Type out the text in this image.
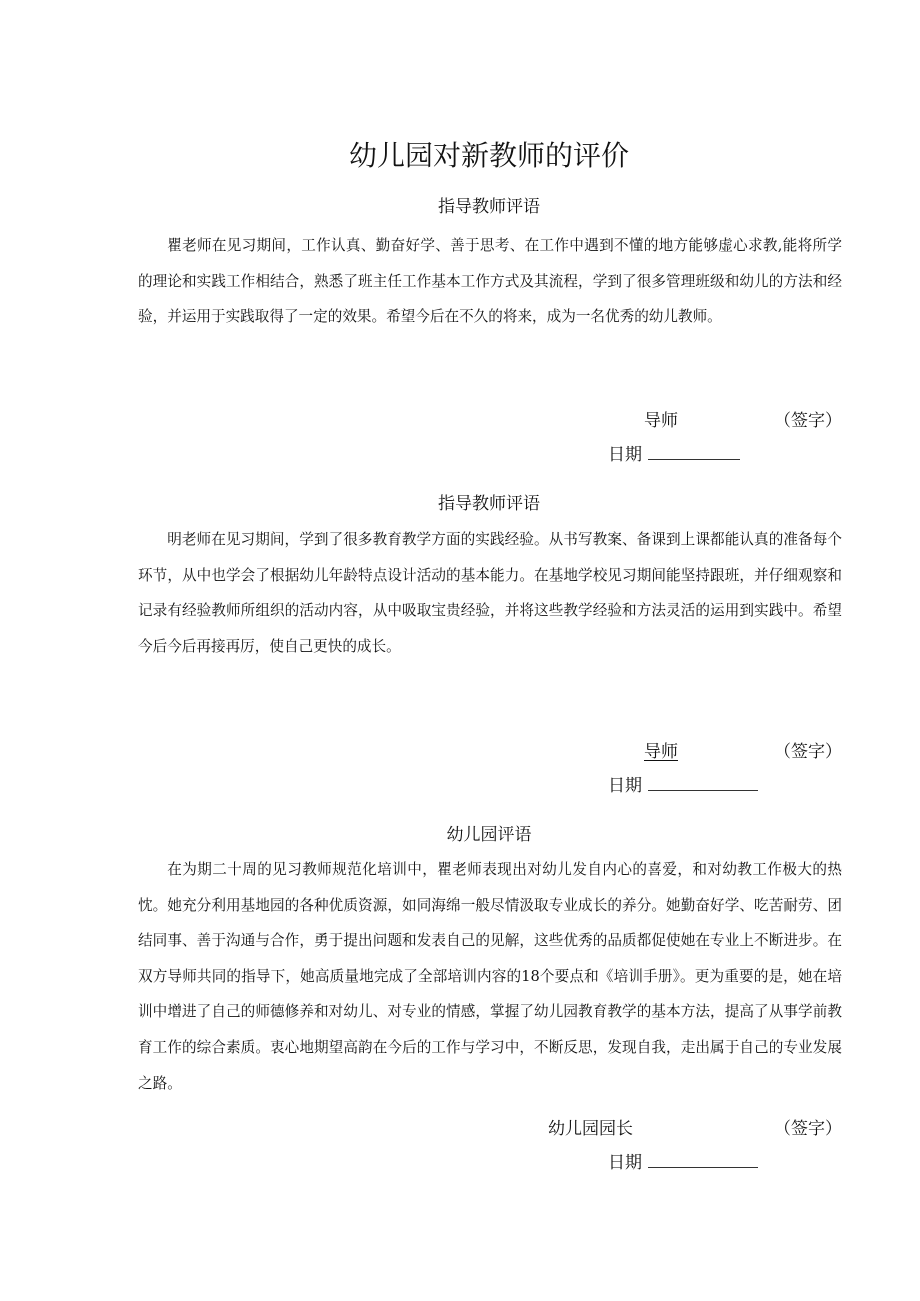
幼儿园对新教师的评价
指导教师评语

瞿老师在见习期间，工作认真、勤奋好学、善于思考、在工作中遇到不懂的地方能够虚心求教,能将所学的理论和实践工作相结合，熟悉了班主任工作基本工作方式及其流程，学到了很多管理班级和幼儿的方法和经验，并运用于实践取得了一定的效果。希望今后在不久的将来，成为一名优秀的幼儿教师。

导师	（签字）
日期
指导教师评语

明老师在见习期间，学到了很多教育教学方面的实践经验。从书写教案、备课到上课都能认真的准备每个环节，从中也学会了根据幼儿年龄特点设计活动的基本能力。在基地学校见习期间能坚持跟班，并仔细观察和记录有经验教师所组织的活动内容，从中吸取宝贵经验，并将这些教学经验和方法灵活的运用到实践中。希望今后今后再接再厉，使自己更快的成长。

导师	（签字）
日期
幼儿园评语

在为期二十周的见习教师规范化培训中，瞿老师表现出对幼儿发自内心的喜爱，和对幼教工作极大的热忱。她充分利用基地园的各种优质资源，如同海绵一般尽情汲取专业成长的养分。她勤奋好学、吃苦耐劳、团结同事、善于沟通与合作，勇于提出问题和发表自己的见解，这些优秀的品质都促使她在专业上不断进步。在双方导师共同的指导下，她高质量地完成了全部培训内容的18个要点和《培训手册》。更为重要的是，她在培训中增进了自己的师德修养和对幼儿、对专业的情感，掌握了幼儿园教育教学的基本方法，提高了从事学前教育工作的综合素质。衷心地期望高韵在今后的工作与学习中，不断反思，发现自我，走出属于自己的专业发展之路。

幼儿园园长	（签字）
日期
